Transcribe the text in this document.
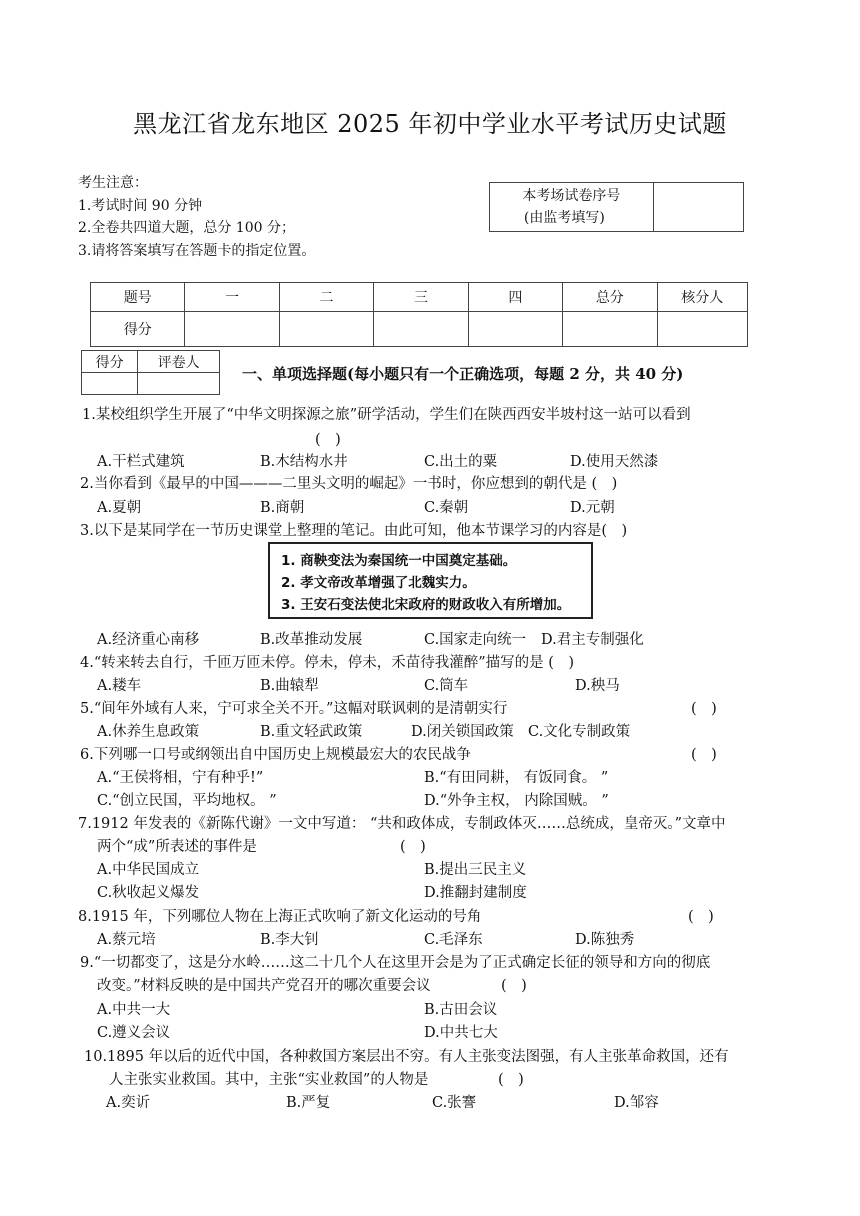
黑龙江省龙东地区 2025 年初中学业水平考试历史试题
考生注意：
1.考试时间 90 分钟
2.全卷共四道大题，总分 100 分；
3.请将答案填写在答题卡的指定位置。
本考场试卷序号
(由监考填写)

题号	一	二	三	四	总分	核分人
得分						
得分	评卷人

一、单项选择题(每小题只有一个正确选项，每题 2 分，共 40 分)
1.某校组织学生开展了“中华文明探源之旅”研学活动，学生们在陕西西安半坡村这一站可以看到
(　)
A.干栏式建筑	B.木结构水井	C.出土的粟	D.使用天然漆
2.当你看到《最早的中国———二里头文明的崛起》一书时，你应想到的朝代是 (　)
A.夏朝	B.商朝	C.秦朝	D.元朝
3.以下是某同学在一节历史课堂上整理的笔记。由此可知，他本节课学习的内容是(　)
1. 商鞅变法为秦国统一中国奠定基础。
2. 孝文帝改革增强了北魏实力。
3. 王安石变法使北宋政府的财政收入有所增加。
A.经济重心南移	B.改革推动发展	C.国家走向统一 D.君主专制强化
4.“转来转去自行，千匝万匝未停。停未，停未，禾苗待我灌醉”描写的是 (　)
A.耧车	B.曲辕犁	C.筒车	D.秧马
5.“间年外域有人来，宁可求全关不开。”这幅对联讽刺的是清朝实行	(　)
A.休养生息政策	B.重文轻武政策	D.闭关锁国政策 C.文化专制政策
6.下列哪一口号或纲领出自中国历史上规模最宏大的农民战争	(　)
A.“王侯将相，宁有种乎!”	B.“有田同耕， 有饭同食。 ”
C.“创立民国，平均地权。 ”	D.“外争主权， 内除国贼。 ”
7.1912 年发表的《新陈代谢》一文中写道： “共和政体成，专制政体灭……总统成，皇帝灭。”文章中
两个“成”所表述的事件是	(　)
A.中华民国成立	B.提出三民主义
C.秋收起义爆发	D.推翻封建制度
8.1915 年，下列哪位人物在上海正式吹响了新文化运动的号角	(　)
A.蔡元培	B.李大钊	C.毛泽东	D.陈独秀
9.“一切都变了，这是分水岭……这二十几个人在这里开会是为了正式确定长征的领导和方向的彻底
改变。”材料反映的是中国共产党召开的哪次重要会议	(　)
A.中共一大	B.古田会议
C.遵义会议	D.中共七大
10.1895 年以后的近代中国，各种救国方案层出不穷。有人主张变法图强，有人主张革命救国，还有
人主张实业救国。其中，主张“实业救国”的人物是	(　)
A.奕䜣	B.严复	C.张謇	D.邹容
